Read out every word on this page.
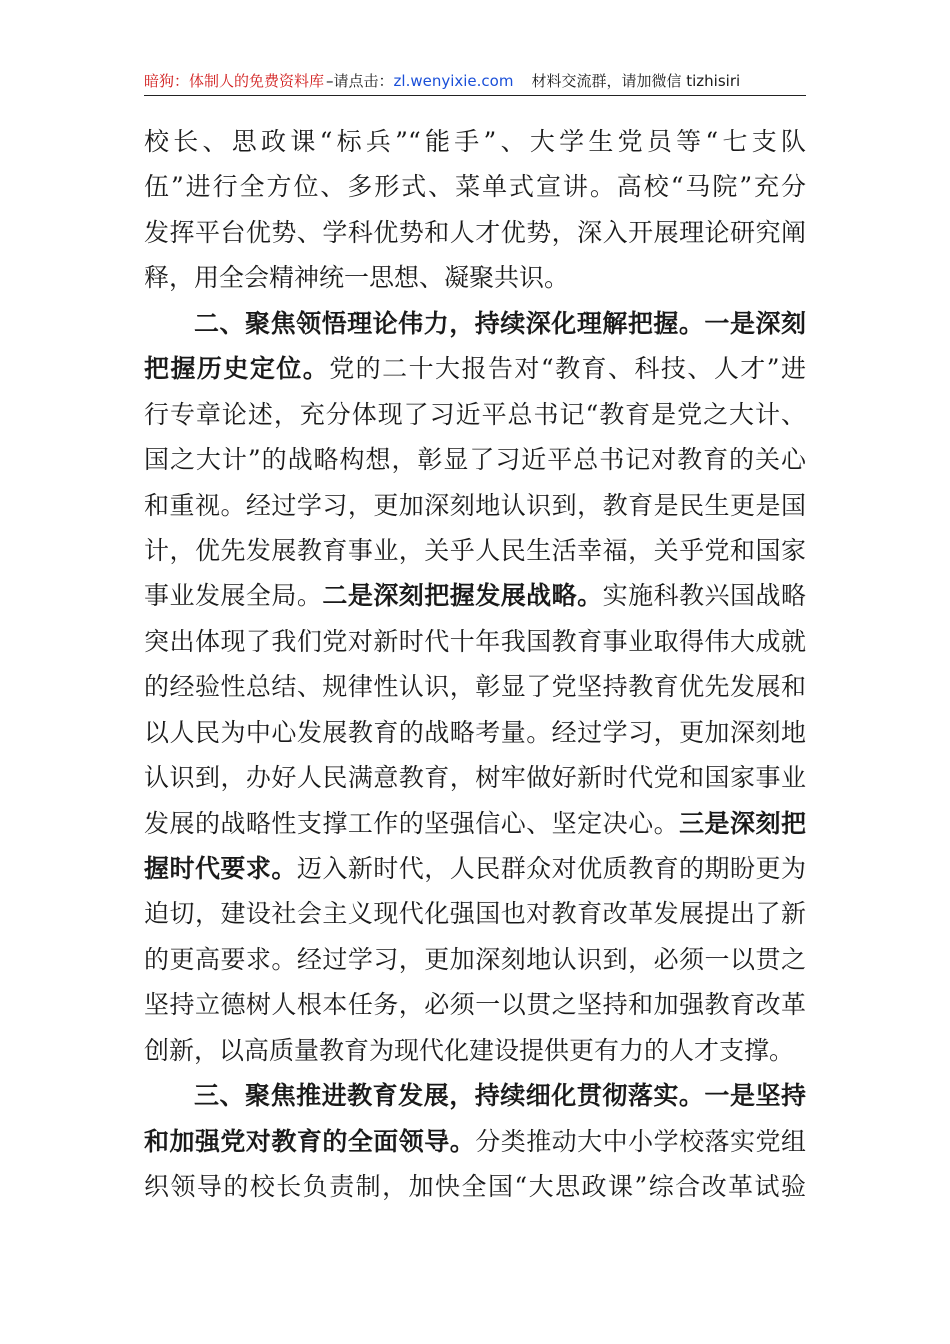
暗狗：体制人的免费资料库 –请点击： zl.wenyixie.com 材料交流群，请加微信 tizhisiri
校长、思政课“标兵”“能手”、大学生党员等“七支队
伍”进行全方位、多形式、菜单式宣讲。高校“马院”充分
发挥平台优势、学科优势和人才优势，深入开展理论研究阐
释，用全会精神统一思想、凝聚共识。
二、聚焦领悟理论伟力，持续深化理解把握。一是深刻
把握历史定位。党的二十大报告对“教育、科技、人才”进
行专章论述，充分体现了习近平总书记“教育是党之大计、
国之大计”的战略构想，彰显了习近平总书记对教育的关心
和重视。经过学习，更加深刻地认识到，教育是民生更是国
计，优先发展教育事业，关乎人民生活幸福，关乎党和国家
事业发展全局。二是深刻把握发展战略。实施科教兴国战略
突出体现了我们党对新时代十年我国教育事业取得伟大成就
的经验性总结、规律性认识，彰显了党坚持教育优先发展和
以人民为中心发展教育的战略考量。经过学习，更加深刻地
认识到，办好人民满意教育，树牢做好新时代党和国家事业
发展的战略性支撑工作的坚强信心、坚定决心。三是深刻把
握时代要求。迈入新时代，人民群众对优质教育的期盼更为
迫切，建设社会主义现代化强国也对教育改革发展提出了新
的更高要求。经过学习，更加深刻地认识到，必须一以贯之
坚持立德树人根本任务，必须一以贯之坚持和加强教育改革
创新，以高质量教育为现代化建设提供更有力的人才支撑。
三、聚焦推进教育发展，持续细化贯彻落实。一是坚持
和加强党对教育的全面领导。分类推动大中小学校落实党组
织领导的校长负责制，加快全国“大思政课”综合改革试验
